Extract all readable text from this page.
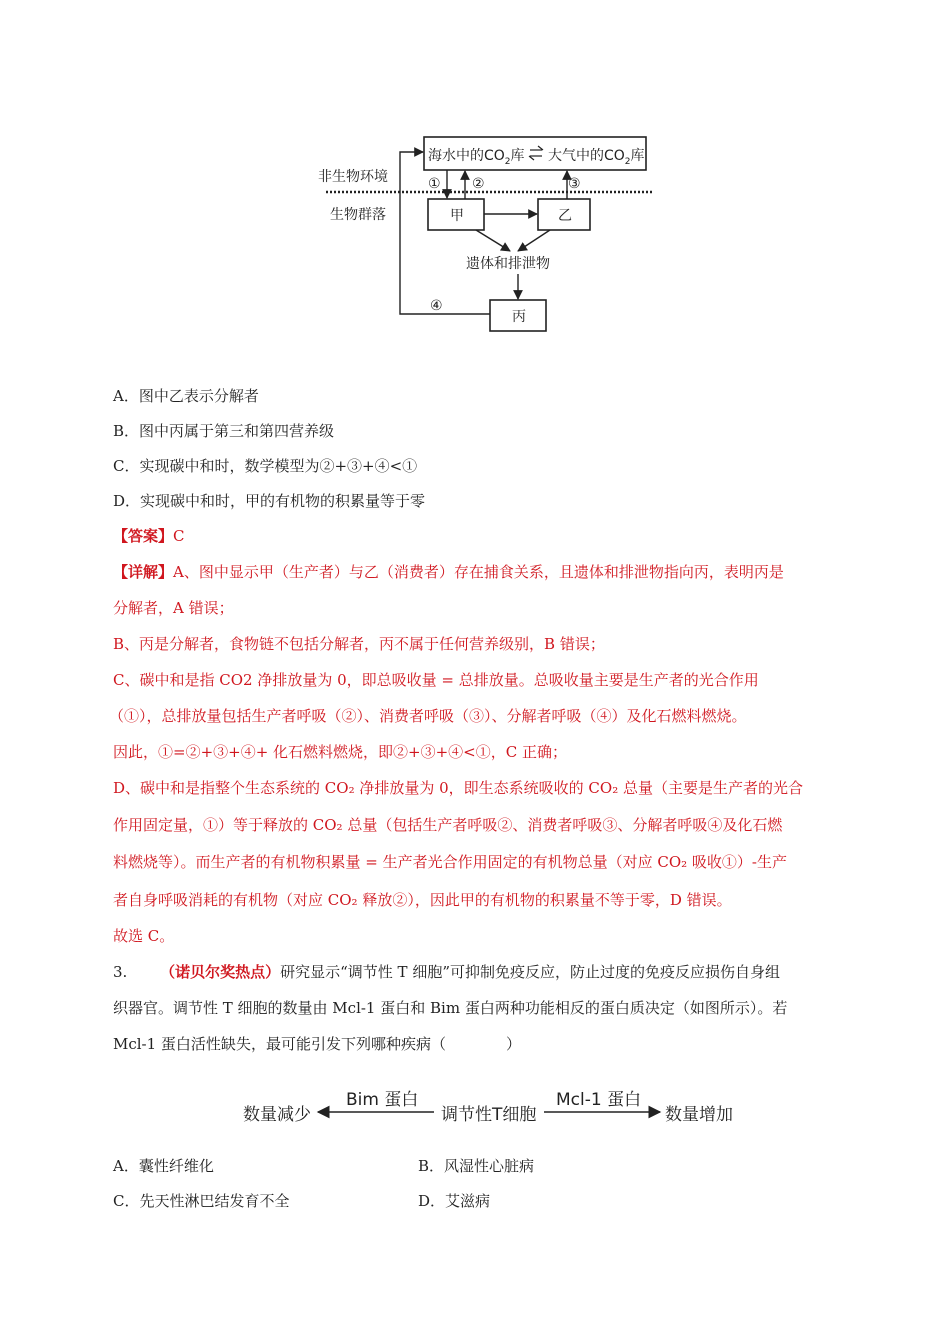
海水中的$CO_2$库 大气中的$CO_2$库
非生物环境
生物群落	甲	乙
① ②	③
遗体和排泄物
丙
④
A．图中乙表示分解者
B．图中丙属于第三和第四营养级
C．实现碳中和时，数学模型为②+③+④<①
D．实现碳中和时，甲的有机物的积累量等于零
【答案】C
【详解】A、图中显示甲（生产者）与乙（消费者）存在捕食关系，且遗体和排泄物指向丙，表明丙是
分解者，A 错误；
B、丙是分解者，食物链不包括分解者，丙不属于任何营养级别，B 错误；
C、碳中和是指 CO2 净排放量为 0，即总吸收量 = 总排放量。总吸收量主要是生产者的光合作用
（①），总排放量包括生产者呼吸（②）、消费者呼吸（③）、分解者呼吸（④）及化石燃料燃烧。
因此，①=②+③+④+ 化石燃料燃烧，即②+③+④<①，C 正确；
D、碳中和是指整个生态系统的 CO₂ 净排放量为 0，即生态系统吸收的 CO₂ 总量（主要是生产者的光合
作用固定量，①）等于释放的 CO₂ 总量（包括生产者呼吸②、消费者呼吸③、分解者呼吸④及化石燃
料燃烧等）。而生产者的有机物积累量 = 生产者光合作用固定的有机物总量（对应 CO₂ 吸收①）-生产
者自身呼吸消耗的有机物（对应 CO₂ 释放②），因此甲的有机物的积累量不等于零，D 错误。
故选 C。
3. （诺贝尔奖热点）研究显示“调节性 T 细胞”可抑制免疫反应，防止过度的免疫反应损伤自身组
织器官。调节性 T 细胞的数量由 Mcl-1 蛋白和 Bim 蛋白两种功能相反的蛋白质决定（如图所示）。若
Mcl-1 蛋白活性缺失，最可能引发下列哪种疾病（　　　　）
数量减少
Bim 蛋白
调节性T细胞
Mcl-1 蛋白
数量增加
A．囊性纤维化	B．风湿性心脏病
C．先天性淋巴结发育不全	D．艾滋病
